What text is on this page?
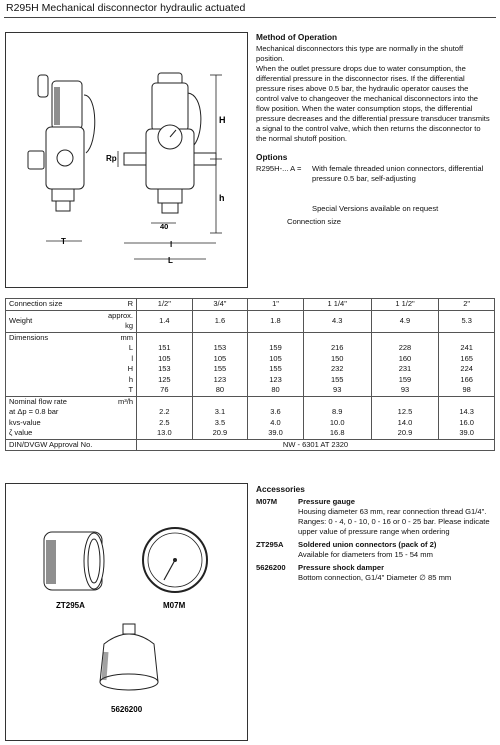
R295H Mechanical disconnector hydraulic actuated
H
h
Rp
T
40
l
L
Method of Operation

Mechanical disconnectors this type are normally in the shutoff position.

When the outlet pressure drops due to water consumption, the differential pressure in the disconnector rises. If the differential pressure rises above 0.5 bar, the hydraulic operator causes the control valve to changeover the mechanical disconnectors into the flow position. When the water consumption stops, the differential pressure decreases and the differential pressure transducer transmits a signal to the control valve, which then returns the disconnector to the normal shutoff position.

Options
R295H-... A = With female threaded union connectors, differential pressure 0.5 bar, self-adjusting
Special Versions available on request
Connection size
Connection size	R	1/2"	3/4"	1"	1 1/4"	1 1/2"	2"
Weight	approx. kg	1.4	1.6	1.8	4.3	4.9	5.3
Dimensions	mm						
	L	151	153	159	216	228	241
	l	105	105	105	150	160	165
	H	153	155	155	232	231	224
	h	125	123	123	155	159	166
	T	76	80	80	93	93	98
Nominal flow rate	m³/h						
at Δp = 0.8 bar		2.2	3.1	3.6	8.9	12.5	14.3
kvs-value		2.5	3.5	4.0	10.0	14.0	16.0
ζ value		13.0	20.9	39.0	16.8	20.9	39.0
DIN/DVGW Approval No.		NW - 6301 AT 2320					
ZT295A	M07M
5626200
Accessories
M07M	Pressure gauge

Housing diameter 63 mm, rear connection thread G1/4". Ranges: 0 - 4, 0 - 10, 0 - 16 or 0 - 25 bar. Please indicate upper value of pressure range when ordering

ZT295A Soldered union connectors (pack of 2)

Available for diameters from 15 - 54 mm

5626200 Pressure shock damper

Bottom connection, G1/4" Diameter ∅ 85 mm
